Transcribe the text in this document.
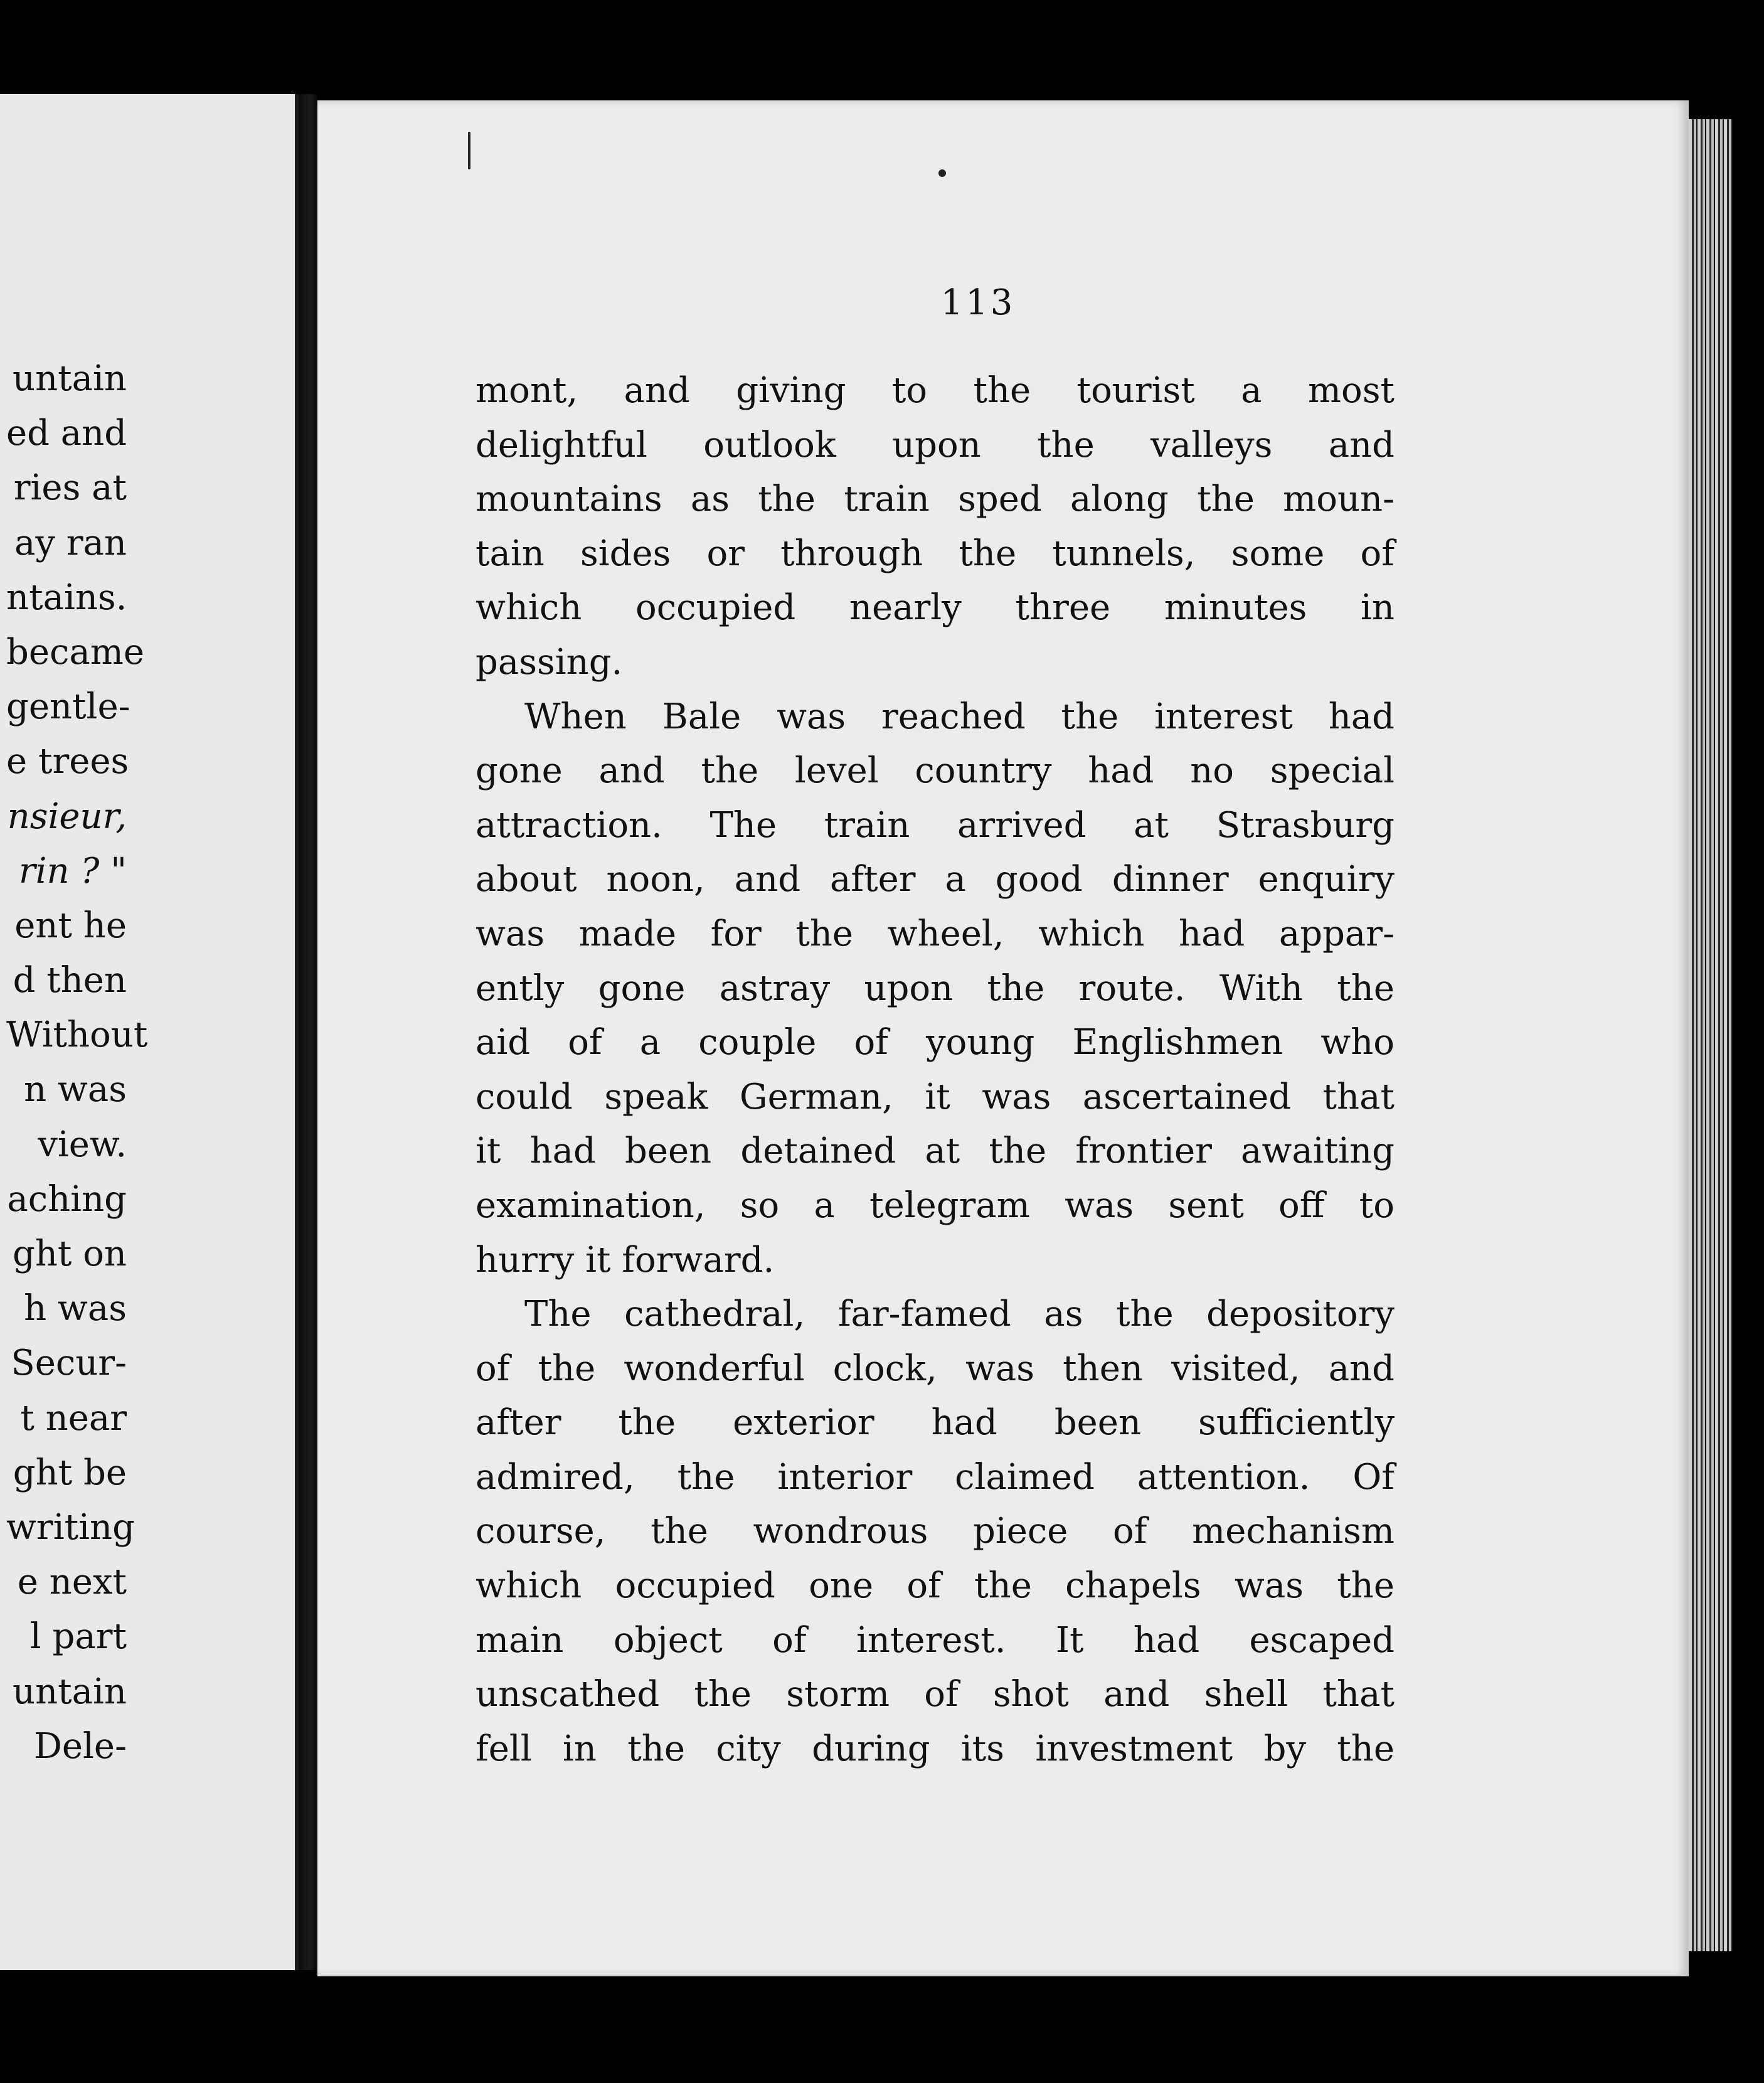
untain
ed and
ries at
ay ran
ntains.
became
gentle-
e trees
nsieur,
rin ? "
ent he
d then
Without
n was
view.
aching
ght on
h was
Secur-
t near
ght be
writing
e next
l part
untain
Dele-
113
mont, and giving to the tourist a most
delightful outlook upon the valleys and
mountains as the train sped along the moun-
tain sides or through the tunnels, some of
which occupied nearly three minutes in
passing.
When Bale was reached the interest had
gone and the level country had no special
attraction. The train arrived at Strasburg
about noon, and after a good dinner enquiry
was made for the wheel, which had appar-
ently gone astray upon the route. With the
aid of a couple of young Englishmen who
could speak German, it was ascertained that
it had been detained at the frontier awaiting
examination, so a telegram was sent off to
hurry it forward.
The cathedral, far-famed as the depository
of the wonderful clock, was then visited, and
after the exterior had been sufficiently
admired, the interior claimed attention. Of
course, the wondrous piece of mechanism
which occupied one of the chapels was the
main object of interest. It had escaped
unscathed the storm of shot and shell that
fell in the city during its investment by the
